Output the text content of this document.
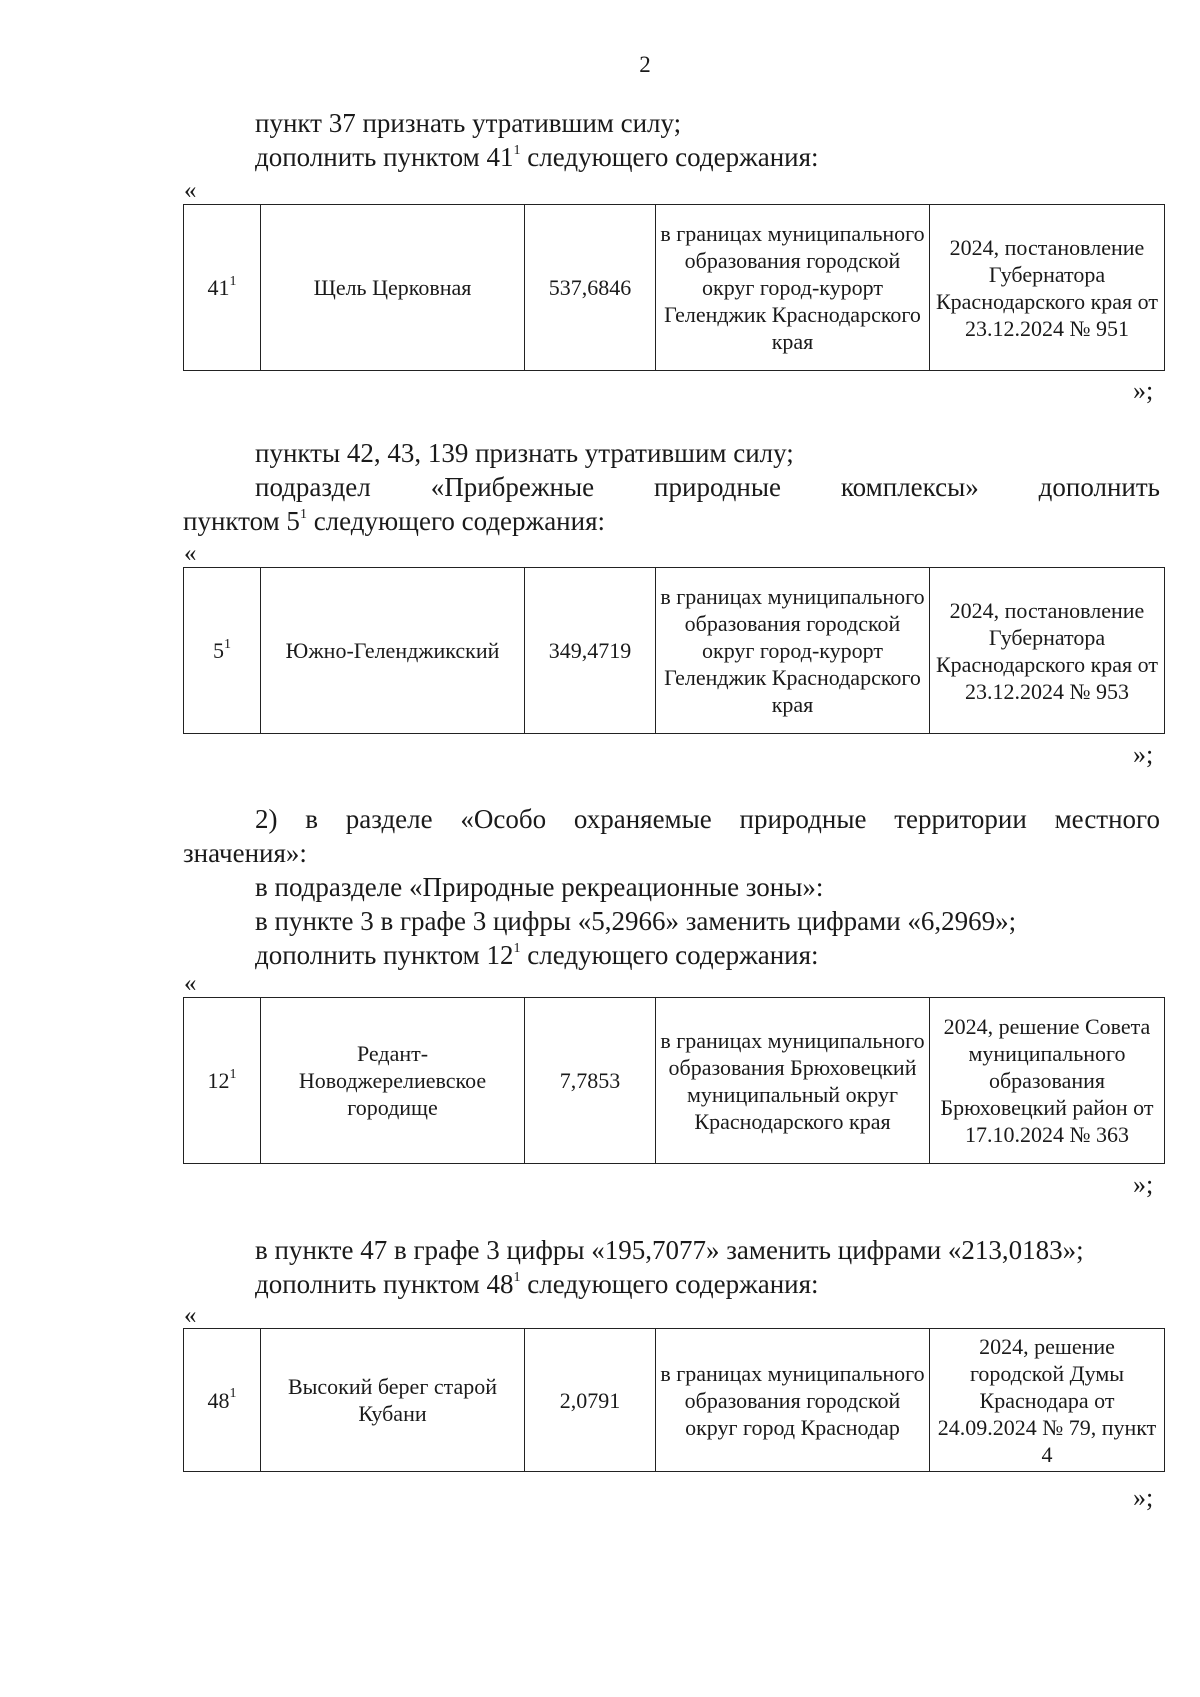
2
пункт 37 признать утратившим силу;
дополнить пунктом $41^1$ следующего содержания:
«
$41^1$	Щель Церковная	537,6846	в границах муниципального образования городской округ город-курорт Геленджик Краснодарского края	2024, постановление Губернатора Краснодарского края от 23.12.2024 № 951
»;
пункты 42, 43, 139 признать утратившим силу;
подраздел «Прибрежные природные комплексы» дополнить
пунктом $5^1$ следующего содержания:
«
$5^1$	Южно-Геленджикский	349,4719	в границах муниципального образования городской округ город-курорт Геленджик Краснодарского края	2024, постановление Губернатора Краснодарского края от 23.12.2024 № 953
»;
2) в разделе «Особо охраняемые природные территории местного
значения»:
в подразделе «Природные рекреационные зоны»:
в пункте 3 в графе 3 цифры «5,2966» заменить цифрами «6,2969»;
дополнить пунктом $12^1$ следующего содержания:
«
$12^1$	Редант-Новоджерелиевское городище	7,7853	в границах муниципального образования Брюховецкий муниципальный округ Краснодарского края	2024, решение Совета муниципального образования Брюховецкий район от 17.10.2024 № 363
»;
в пункте 47 в графе 3 цифры «195,7077» заменить цифрами «213,0183»;
дополнить пунктом $48^1$ следующего содержания:
«
$48^1$	Высокий берег старой Кубани	2,0791	в границах муниципального образования городской округ город Краснодар	2024, решение городской Думы Краснодара от 24.09.2024 № 79, пункт 4
»;
